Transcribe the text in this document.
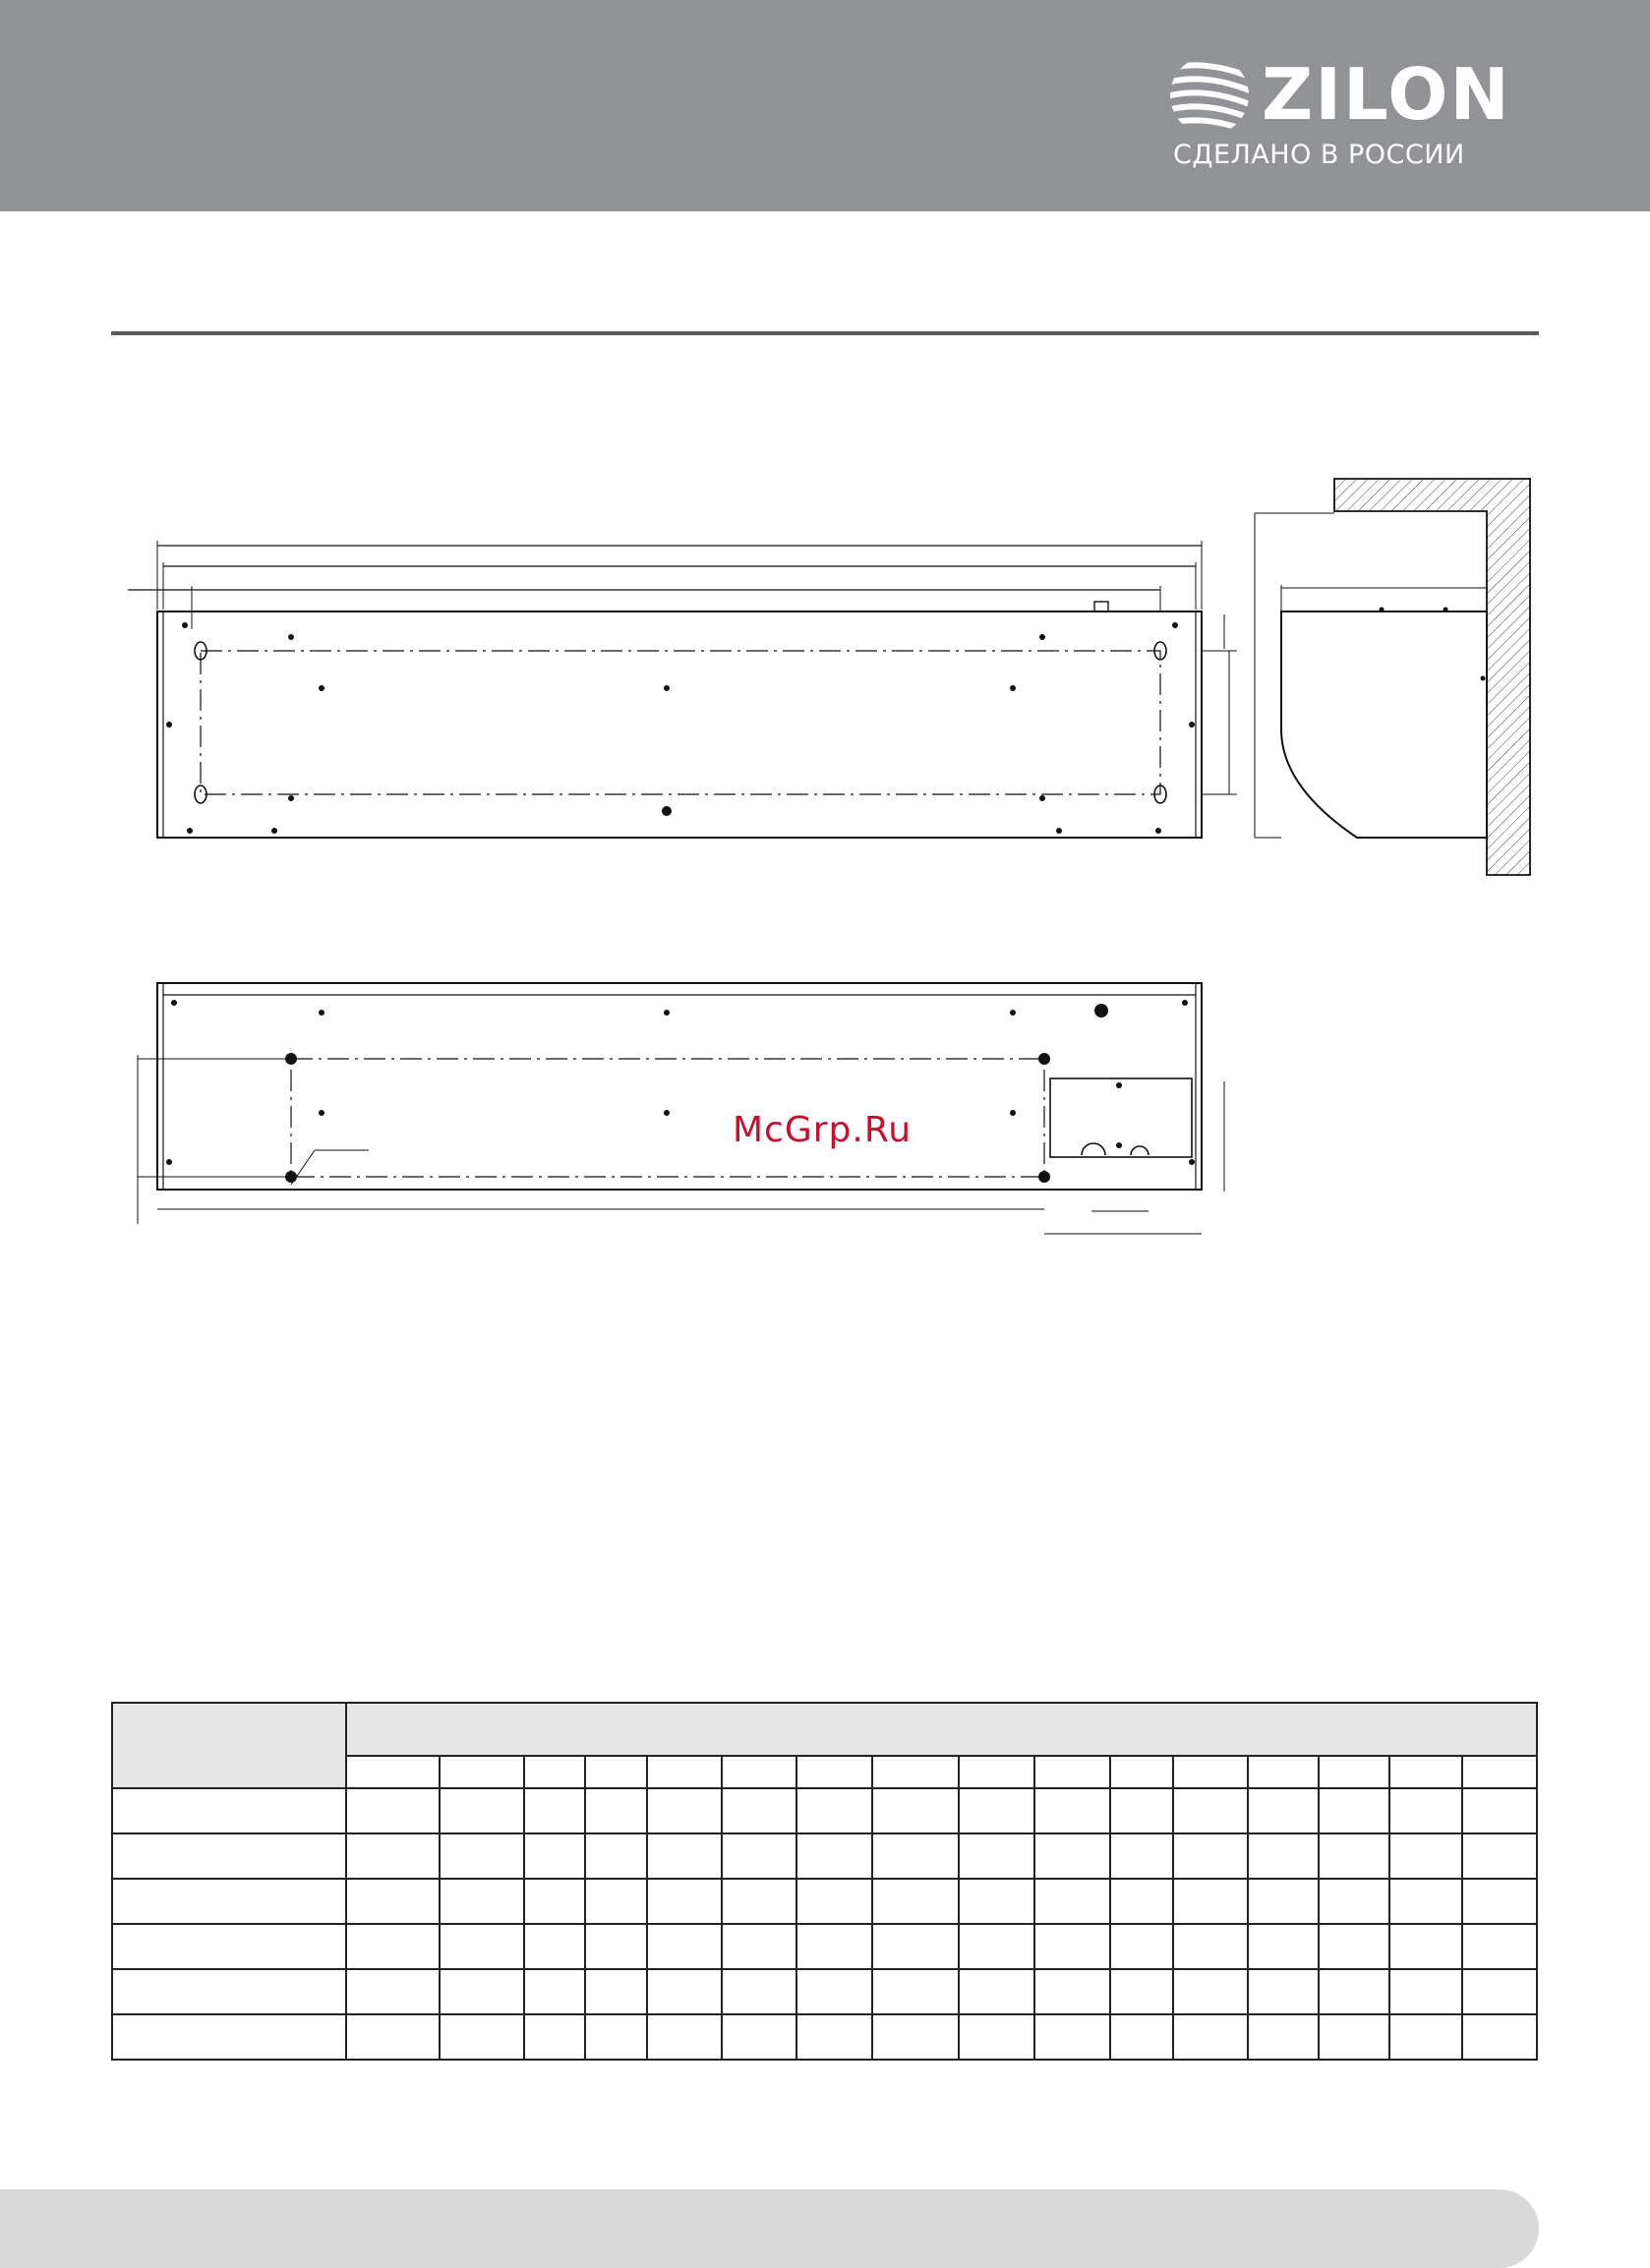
ZILON
СДЕЛАНО В РОССИИ
McGrp.Ru
